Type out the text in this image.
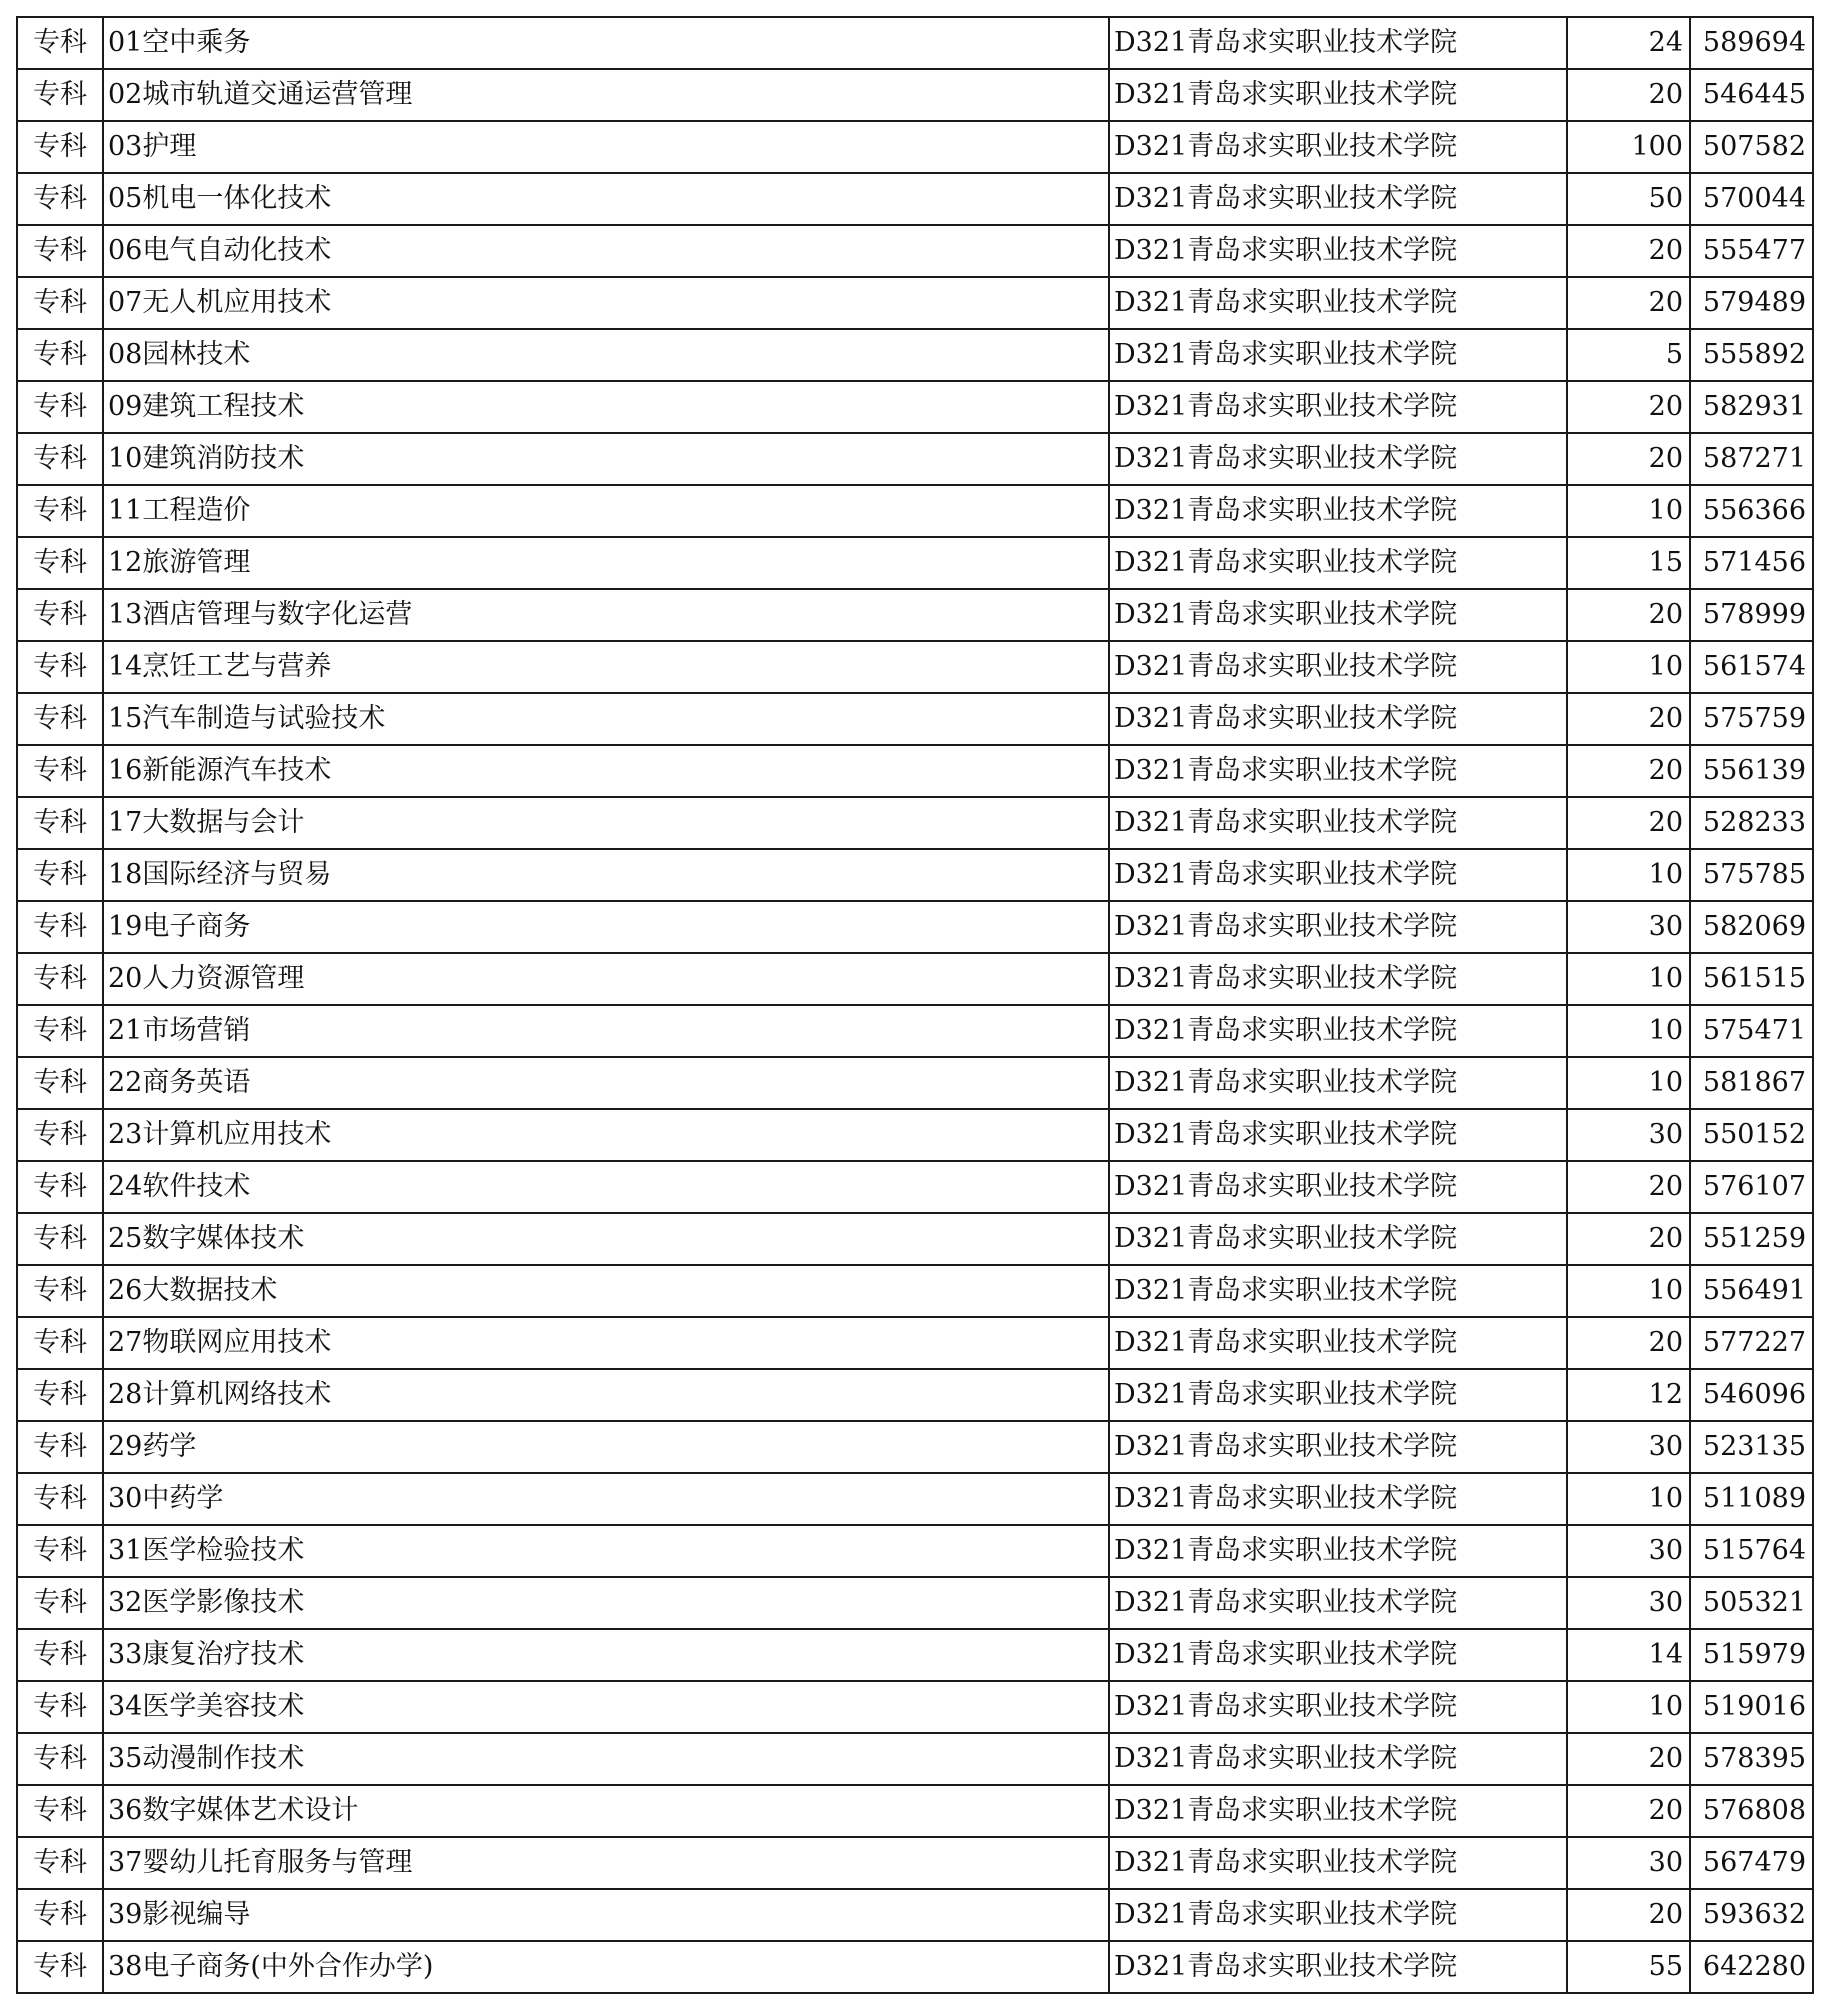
专科	01空中乘务	D321青岛求实职业技术学院	24	589694
专科	02城市轨道交通运营管理	D321青岛求实职业技术学院	20	546445
专科	03护理	D321青岛求实职业技术学院	100	507582
专科	05机电一体化技术	D321青岛求实职业技术学院	50	570044
专科	06电气自动化技术	D321青岛求实职业技术学院	20	555477
专科	07无人机应用技术	D321青岛求实职业技术学院	20	579489
专科	08园林技术	D321青岛求实职业技术学院	5	555892
专科	09建筑工程技术	D321青岛求实职业技术学院	20	582931
专科	10建筑消防技术	D321青岛求实职业技术学院	20	587271
专科	11工程造价	D321青岛求实职业技术学院	10	556366
专科	12旅游管理	D321青岛求实职业技术学院	15	571456
专科	13酒店管理与数字化运营	D321青岛求实职业技术学院	20	578999
专科	14烹饪工艺与营养	D321青岛求实职业技术学院	10	561574
专科	15汽车制造与试验技术	D321青岛求实职业技术学院	20	575759
专科	16新能源汽车技术	D321青岛求实职业技术学院	20	556139
专科	17大数据与会计	D321青岛求实职业技术学院	20	528233
专科	18国际经济与贸易	D321青岛求实职业技术学院	10	575785
专科	19电子商务	D321青岛求实职业技术学院	30	582069
专科	20人力资源管理	D321青岛求实职业技术学院	10	561515
专科	21市场营销	D321青岛求实职业技术学院	10	575471
专科	22商务英语	D321青岛求实职业技术学院	10	581867
专科	23计算机应用技术	D321青岛求实职业技术学院	30	550152
专科	24软件技术	D321青岛求实职业技术学院	20	576107
专科	25数字媒体技术	D321青岛求实职业技术学院	20	551259
专科	26大数据技术	D321青岛求实职业技术学院	10	556491
专科	27物联网应用技术	D321青岛求实职业技术学院	20	577227
专科	28计算机网络技术	D321青岛求实职业技术学院	12	546096
专科	29药学	D321青岛求实职业技术学院	30	523135
专科	30中药学	D321青岛求实职业技术学院	10	511089
专科	31医学检验技术	D321青岛求实职业技术学院	30	515764
专科	32医学影像技术	D321青岛求实职业技术学院	30	505321
专科	33康复治疗技术	D321青岛求实职业技术学院	14	515979
专科	34医学美容技术	D321青岛求实职业技术学院	10	519016
专科	35动漫制作技术	D321青岛求实职业技术学院	20	578395
专科	36数字媒体艺术设计	D321青岛求实职业技术学院	20	576808
专科	37婴幼儿托育服务与管理	D321青岛求实职业技术学院	30	567479
专科	39影视编导	D321青岛求实职业技术学院	20	593632
专科	38电子商务(中外合作办学)	D321青岛求实职业技术学院	55	642280
